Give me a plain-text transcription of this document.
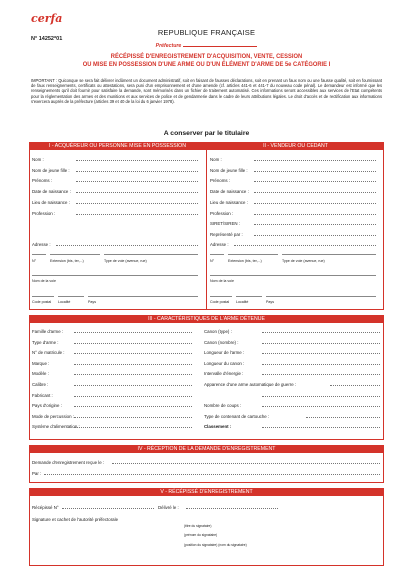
cerfa
N° 14252*01
REPUBLIQUE FRANÇAISE
Préfecture
RÉCÉPISSÉ D'ENREGISTREMENT D'ACQUISITION, VENTE, CESSION
OU MISE EN POSSESSION D'UNE ARME OU D'UN ÉLÉMENT D'ARME DE 5e CATÉGORIE I
IMPORTANT : Quiconque se sera fait délivrer indûment un document administratif, soit en faisant de fausses déclarations, soit en prenant un faux nom ou une fausse qualité, soit en fournissant de faux renseignements, certificats ou attestations, sera puni d'un emprisonnement et d'une amende (cf. articles 441-6 et 441-7 du nouveau code pénal). Le demandeur est informé que les renseignements qu'il doit fournir pour satisfaire la demande, sont mémorisés dans un fichier de traitement automatisé. Ces informations seront accessibles aux services de l'Etat compétents pour la réglementation des armes et des munitions et aux services de police et de gendarmerie dans le cadre de leurs attributions légales. Le droit d'accès et de rectification aux informations s'exercera auprès de la préfecture (articles 39 et 40 de la loi du 6 janvier 1978).
A conserver par le titulaire
I - ACQUÉREUR OU PERSONNE MISE EN POSSESSION	II - VENDEUR OU CEDANT
Nom :
Nom de jeune fille :
Prénoms :
Date de naissance :
Lieu de naissance :
Profession :
Adresse :
N°	Extension (bis, ter,...)	Type de voie (avenue, rue)
Nom de la voie
Code postal Localité	Pays
Nom :
Nom de jeune fille :
Prénoms :
Date de naissance :
Lieu de naissance :
Profession :
SIRET/SIREN :
Représenté par :
Adresse :
N°	Extension (bis, ter,...)	Type de voie (avenue, rue)
Nom de la voie
Code postal Localité	Pays
III - CARACTÉRISTIQUES DE L'ARME DÉTENUE
Famille d'arme :
Type d'arme :
N° de matricule :
Marque :
Modèle :
Calibre :
Fabricant :
Pays d'origine :
Mode de percussion :
Système d'alimentation :
Canon (type) :
Canon (nombre) :
Longueur de l'arme :
Longueur du canon :
Intervalle d'énergie :
Apparence d'une arme automatique de guerre :
Nombre de coups :
Type de contenant de cartouche :
Classement :
IV - RÉCEPTION DE LA DEMANDE D'ENREGISTREMENT
Demande d'enregistrement reçue le :
Par :
V - RÉCÉPISSÉ D'ENREGISTREMENT
Récépissé N°	Délivré le :
Signature et cachet de l'autorité préfectorale
(titre du signataire)
(prénom du signataire)
(position du signataire) (nom du signataire)
